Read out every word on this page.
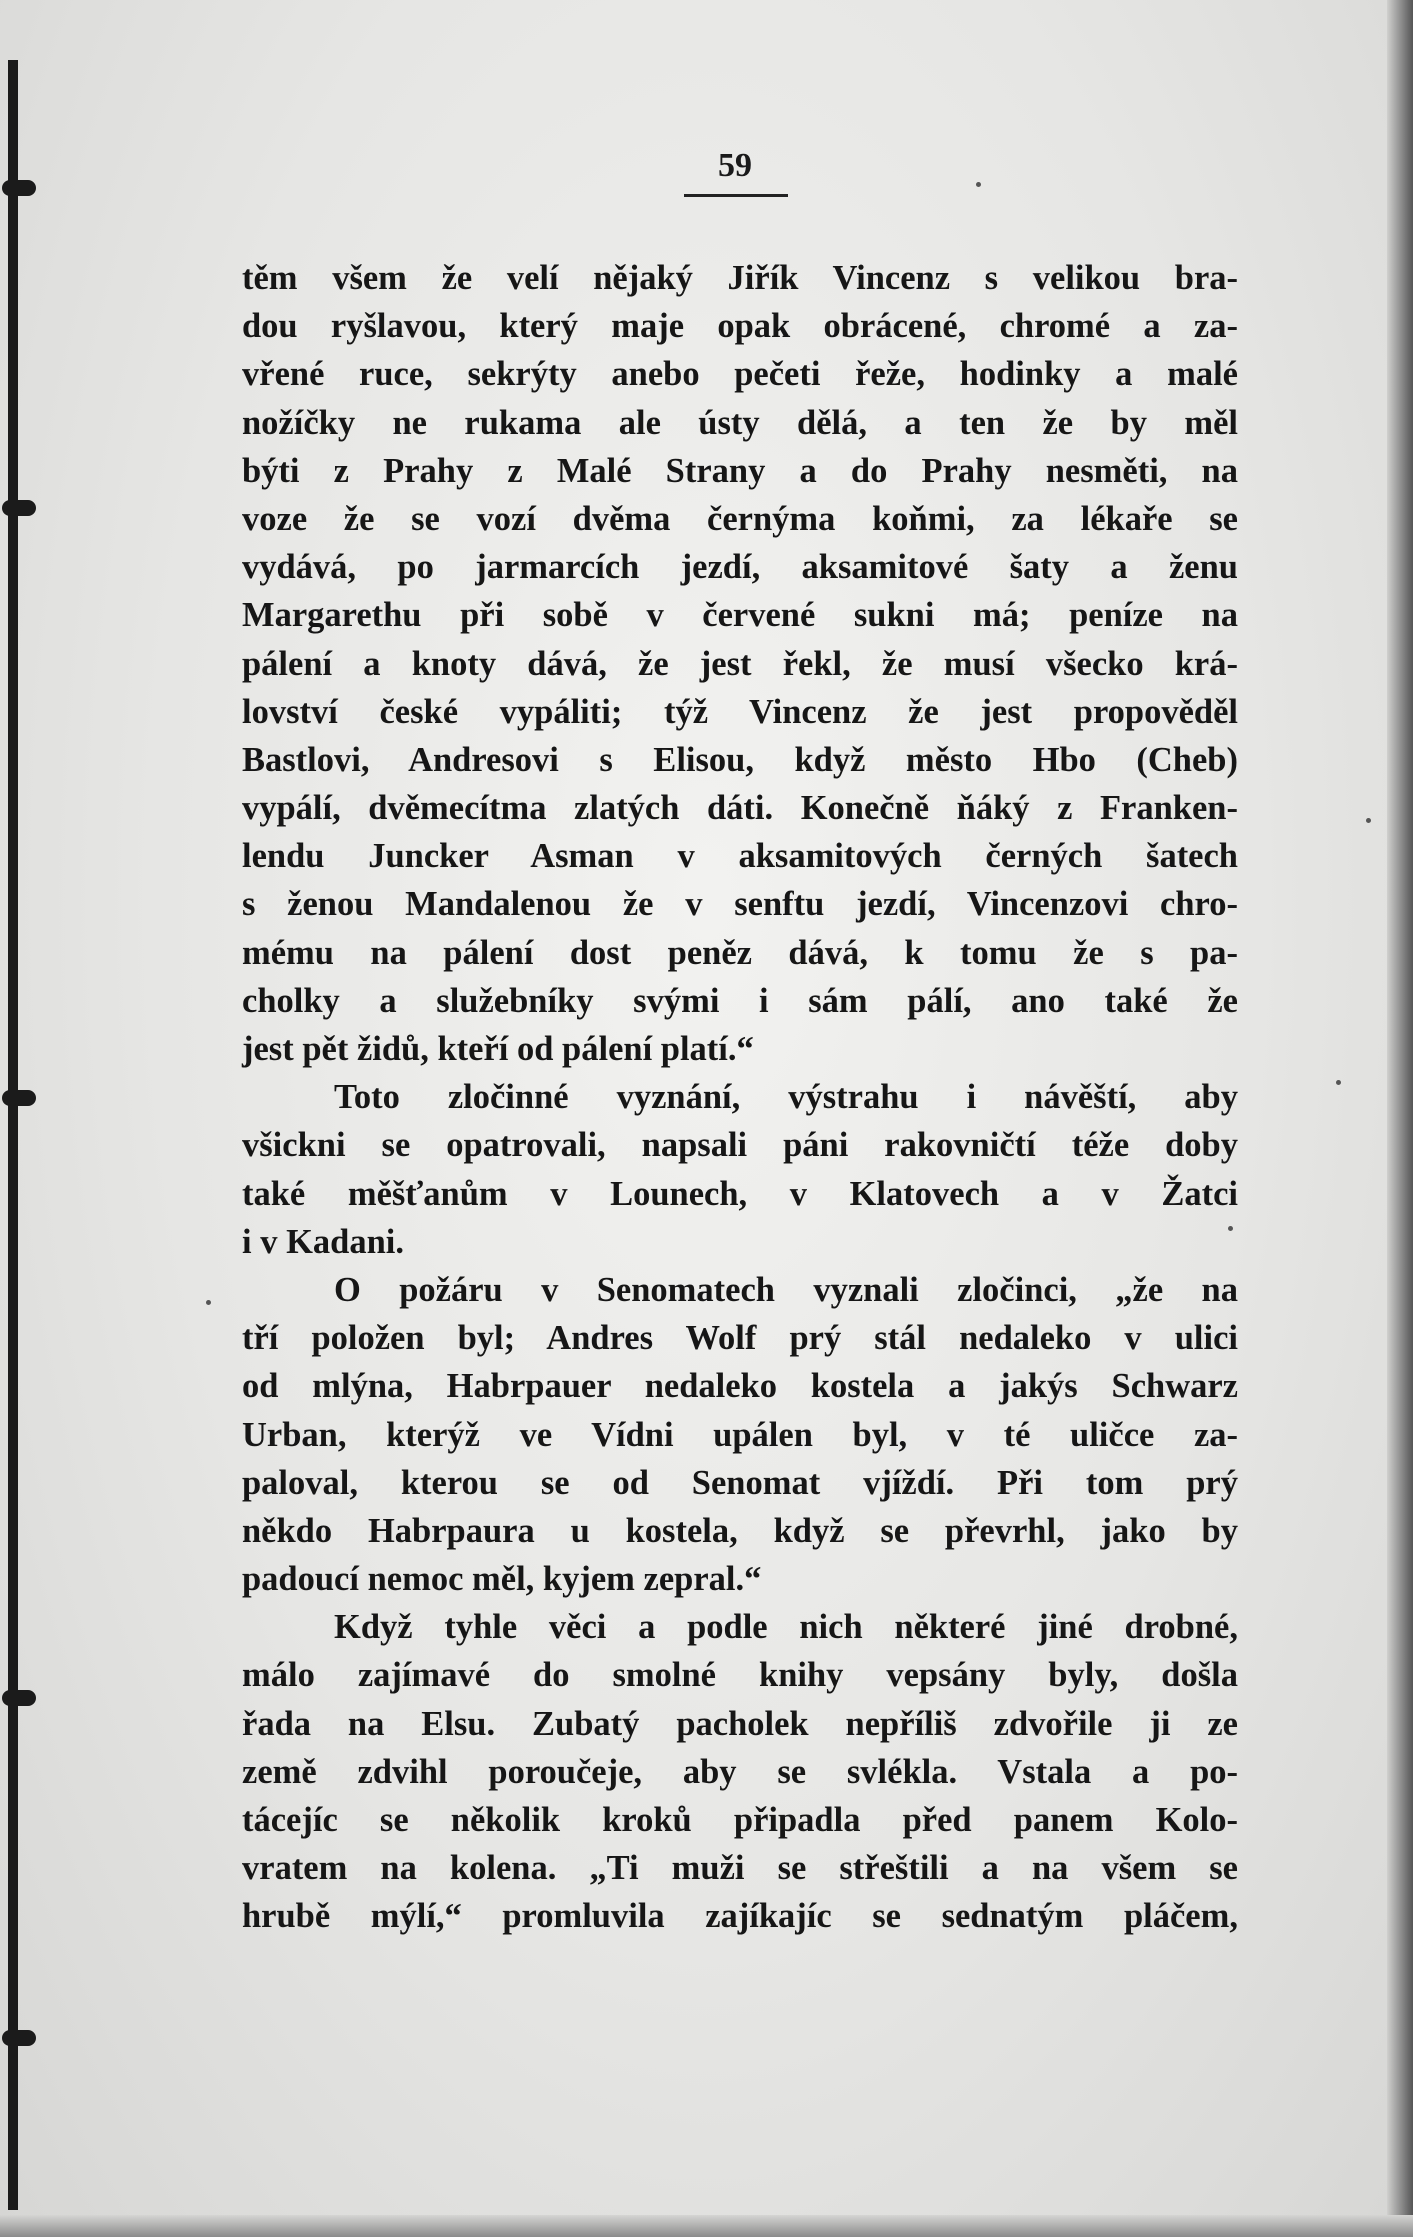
59
těm všem že velí nějaký Jiřík Vincenz s velikou bra-
dou ryšlavou, který maje opak obrácené, chromé a za-
vřené ruce, sekrýty anebo pečeti řeže, hodinky a malé
nožíčky ne rukama ale ústy dělá, a ten že by měl
býti z Prahy z Malé Strany a do Prahy nesměti, na
voze že se vozí dvěma černýma koňmi, za lékaře se
vydává, po jarmarcích jezdí, aksamitové šaty a ženu
Margarethu při sobě v červené sukni má; peníze na
pálení a knoty dává, že jest řekl, že musí všecko krá-
lovství české vypáliti; týž Vincenz že jest propověděl
Bastlovi, Andresovi s Elisou, když město Hbo (Cheb)
vypálí, dvěmecítma zlatých dáti. Konečně ňáký z Franken-
lendu Juncker Asman v aksamitových černých šatech
s ženou Mandalenou že v senftu jezdí, Vincenzovi chro-
mému na pálení dost peněz dává, k tomu že s pa-
cholky a služebníky svými i sám pálí, ano také že
jest pět židů, kteří od pálení platí.“
Toto zločinné vyznání, výstrahu i návěští, aby
všickni se opatrovali, napsali páni rakovničtí téže doby
také měšťanům v Lounech, v Klatovech a v Žatci
i v Kadani.
O požáru v Senomatech vyznali zločinci, „že na
tří položen byl; Andres Wolf prý stál nedaleko v ulici
od mlýna, Habrpauer nedaleko kostela a jakýs Schwarz
Urban, kterýž ve Vídni upálen byl, v té uličce za-
paloval, kterou se od Senomat vjíždí. Při tom prý
někdo Habrpaura u kostela, když se převrhl, jako by
padoucí nemoc měl, kyjem zepral.“
Když tyhle věci a podle nich některé jiné drobné,
málo zajímavé do smolné knihy vepsány byly, došla
řada na Elsu. Zubatý pacholek nepříliš zdvořile ji ze
země zdvihl poroučeje, aby se svlékla. Vstala a po-
tácejíc se několik kroků připadla před panem Kolo-
vratem na kolena. „Ti muži se střeštili a na všem se
hrubě mýlí,“ promluvila zajíkajíc se sednatým pláčem,
